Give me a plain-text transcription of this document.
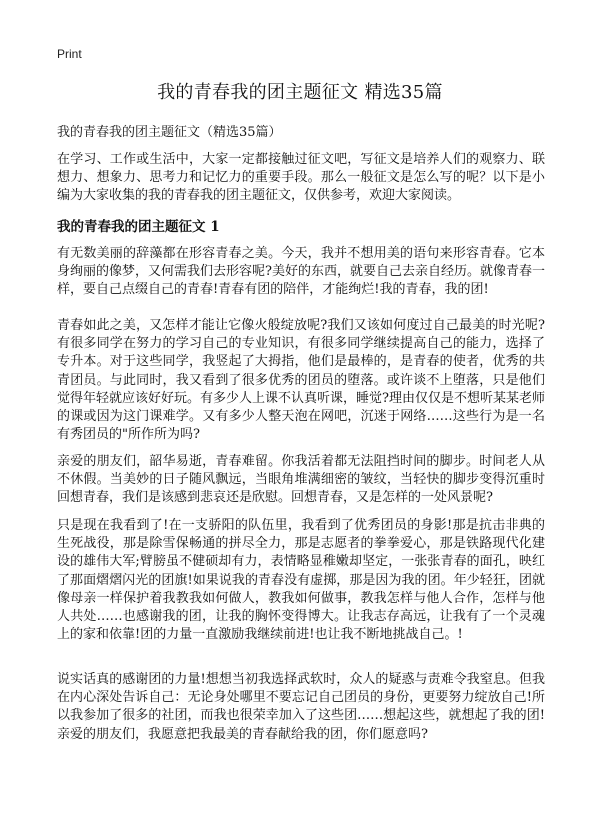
Print
我的青春我的团主题征文 精选35篇

我的青春我的团主题征文（精选35篇）

在学习、工作或生活中，大家一定都接触过征文吧，写征文是培养人们的观察力、联想力、想象力、思考力和记忆力的重要手段。那么一般征文是怎么写的呢？以下是小编为大家收集的我的青春我的团主题征文，仅供参考，欢迎大家阅读。

我的青春我的团主题征文 1

有无数美丽的辞藻都在形容青春之美。今天，我并不想用美的语句来形容青春。它本身绚丽的像梦，又何需我们去形容呢?美好的东西，就要自己去亲自经历。就像青春一样，要自己点缀自己的青春!青春有团的陪伴，才能绚烂!我的青春，我的团!

青春如此之美，又怎样才能让它像火般绽放呢?我们又该如何度过自己最美的时光呢?有很多同学在努力的学习自己的专业知识，有很多同学继续提高自己的能力，选择了专升本。对于这些同学，我竖起了大拇指，他们是最棒的，是青春的使者，优秀的共青团员。与此同时，我又看到了很多优秀的团员的堕落。或许谈不上堕落，只是他们觉得年轻就应该好好玩。有多少人上课不认真听课，睡觉?理由仅仅是不想听某某老师的课或因为这门课难学。又有多少人整天泡在网吧，沉迷于网络……这些行为是一名有秀团员的"所作所为吗?

亲爱的朋友们，韶华易逝，青春难留。你我活着都无法阻挡时间的脚步。时间老人从不休假。当美妙的日子随风飘远，当眼角堆满细密的皱纹，当轻快的脚步变得沉重时回想青春，我们是该感到悲哀还是欣慰。回想青春，又是怎样的一处风景呢?

只是现在我看到了!在一支骄阳的队伍里，我看到了优秀团员的身影!那是抗击非典的生死战役，那是除雪保畅通的拼尽全力，那是志愿者的拳拳爱心，那是铁路现代化建设的雄伟大军;臂膀虽不健硕却有力，表情略显稚嫩却坚定，一张张青春的面孔，映红了那面熠熠闪光的团旗!如果说我的青春没有虚掷，那是因为我的团。年少轻狂，团就像母亲一样保护着我教我如何做人，教我如何做事，教我怎样与他人合作，怎样与他人共处……也感谢我的团，让我的胸怀变得博大。让我志存高远，让我有了一个灵魂上的家和依靠!团的力量一直激励我继续前进!也让我不断地挑战自己。!

说实话真的感谢团的力量!想想当初我选择武软时，众人的疑惑与责难令我窒息。但我在内心深处告诉自己：无论身处哪里不要忘记自己团员的身份，更要努力绽放自己!所以我参加了很多的社团，而我也很荣幸加入了这些团……想起这些，就想起了我的团!亲爱的朋友们，我愿意把我最美的青春献给我的团，你们愿意吗?
